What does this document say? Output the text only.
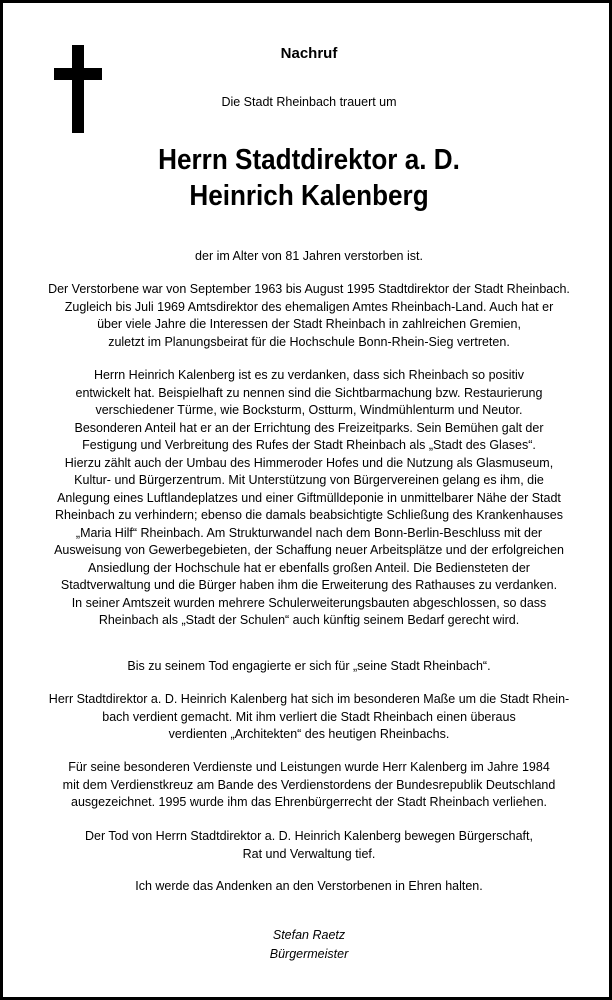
Nachruf
Die Stadt Rheinbach trauert um
Herrn Stadtdirektor a. D.
Heinrich Kalenberg
der im Alter von 81 Jahren verstorben ist.
Der Verstorbene war von September 1963 bis August 1995 Stadtdirektor der Stadt Rheinbach.
Zugleich bis Juli 1969 Amtsdirektor des ehemaligen Amtes Rheinbach-Land. Auch hat er
über viele Jahre die Interessen der Stadt Rheinbach in zahlreichen Gremien,
zuletzt im Planungsbeirat für die Hochschule Bonn-Rhein-Sieg vertreten.
Herrn Heinrich Kalenberg ist es zu verdanken, dass sich Rheinbach so positiv
entwickelt hat. Beispielhaft zu nennen sind die Sichtbarmachung bzw. Restaurierung
verschiedener Türme, wie Bocksturm, Ostturm, Windmühlenturm und Neutor.
Besonderen Anteil hat er an der Errichtung des Freizeitparks. Sein Bemühen galt der
Festigung und Verbreitung des Rufes der Stadt Rheinbach als „Stadt des Glases“.
Hierzu zählt auch der Umbau des Himmeroder Hofes und die Nutzung als Glasmuseum,
Kultur- und Bürgerzentrum. Mit Unterstützung von Bürgervereinen gelang es ihm, die
Anlegung eines Luftlandeplatzes und einer Giftmülldeponie in unmittelbarer Nähe der Stadt
Rheinbach zu verhindern; ebenso die damals beabsichtigte Schließung des Krankenhauses
„Maria Hilf“ Rheinbach. Am Strukturwandel nach dem Bonn-Berlin-Beschluss mit der
Ausweisung von Gewerbegebieten, der Schaffung neuer Arbeitsplätze und der erfolgreichen
Ansiedlung der Hochschule hat er ebenfalls großen Anteil. Die Bediensteten der
Stadtverwaltung und die Bürger haben ihm die Erweiterung des Rathauses zu verdanken.
In seiner Amtszeit wurden mehrere Schulerweiterungsbauten abgeschlossen, so dass
Rheinbach als „Stadt der Schulen“ auch künftig seinem Bedarf gerecht wird.
Bis zu seinem Tod engagierte er sich für „seine Stadt Rheinbach“.
Herr Stadtdirektor a. D. Heinrich Kalenberg hat sich im besonderen Maße um die Stadt Rhein-
bach verdient gemacht. Mit ihm verliert die Stadt Rheinbach einen überaus
verdienten „Architekten“ des heutigen Rheinbachs.
Für seine besonderen Verdienste und Leistungen wurde Herr Kalenberg im Jahre 1984
mit dem Verdienstkreuz am Bande des Verdienstordens der Bundesrepublik Deutschland
ausgezeichnet. 1995 wurde ihm das Ehrenbürgerrecht der Stadt Rheinbach verliehen.
Der Tod von Herrn Stadtdirektor a. D. Heinrich Kalenberg bewegen Bürgerschaft,
Rat und Verwaltung tief.
Ich werde das Andenken an den Verstorbenen in Ehren halten.
Stefan Raetz
Bürgermeister
